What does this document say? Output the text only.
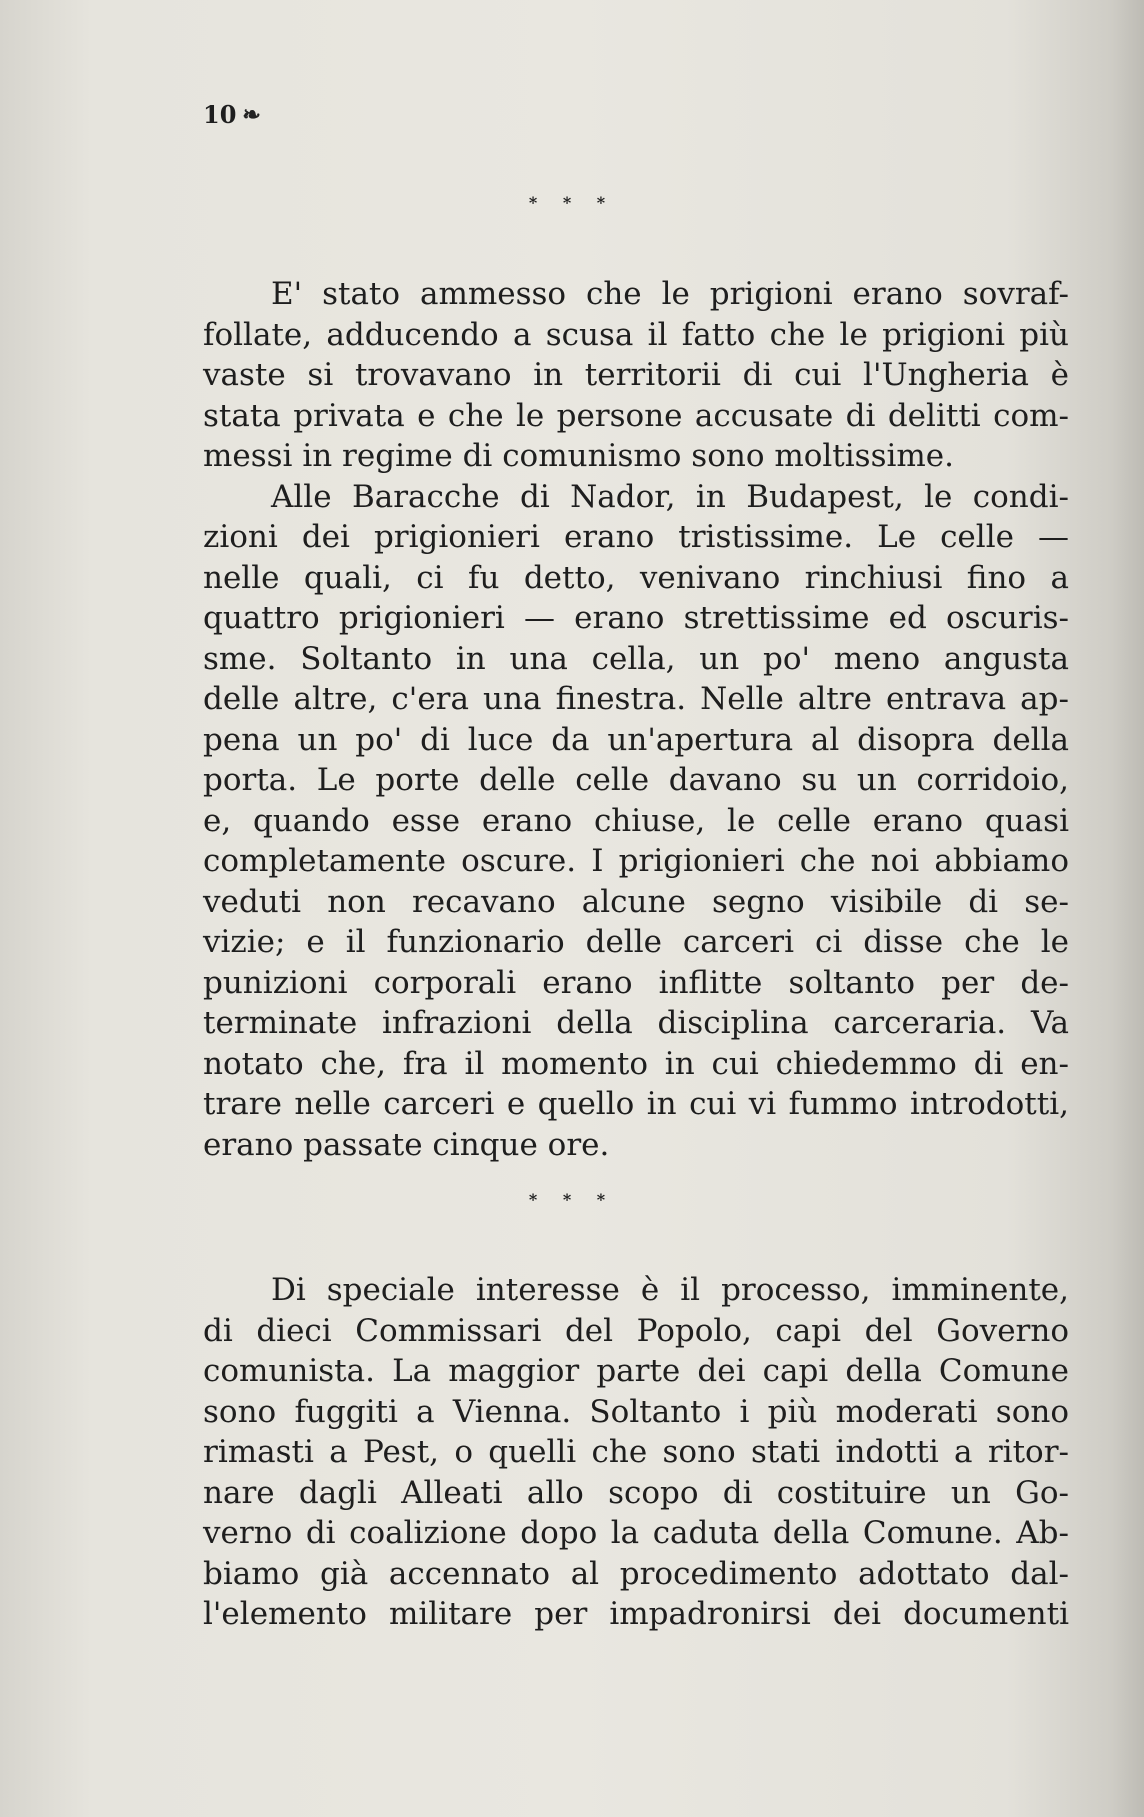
10 ❧
* * *
E' stato ammesso che le prigioni erano sovraf-
follate, adducendo a scusa il fatto che le prigioni più
vaste si trovavano in territorii di cui l'Ungheria è
stata privata e che le persone accusate di delitti com-
messi in regime di comunismo sono moltissime.
Alle Baracche di Nador, in Budapest, le condi-
zioni dei prigionieri erano tristissime. Le celle —
nelle quali, ci fu detto, venivano rinchiusi fino a
quattro prigionieri — erano strettissime ed oscuris-
sme. Soltanto in una cella, un po' meno angusta
delle altre, c'era una finestra. Nelle altre entrava ap-
pena un po' di luce da un'apertura al disopra della
porta. Le porte delle celle davano su un corridoio,
e, quando esse erano chiuse, le celle erano quasi
completamente oscure. I prigionieri che noi abbiamo
veduti non recavano alcune segno visibile di se-
vizie; e il funzionario delle carceri ci disse che le
punizioni corporali erano inflitte soltanto per de-
terminate infrazioni della disciplina carceraria. Va
notato che, fra il momento in cui chiedemmo di en-
trare nelle carceri e quello in cui vi fummo introdotti,
erano passate cinque ore.
* * *
Di speciale interesse è il processo, imminente,
di dieci Commissari del Popolo, capi del Governo
comunista. La maggior parte dei capi della Comune
sono fuggiti a Vienna. Soltanto i più moderati sono
rimasti a Pest, o quelli che sono stati indotti a ritor-
nare dagli Alleati allo scopo di costituire un Go-
verno di coalizione dopo la caduta della Comune. Ab-
biamo già accennato al procedimento adottato dal-
l'elemento militare per impadronirsi dei documenti
